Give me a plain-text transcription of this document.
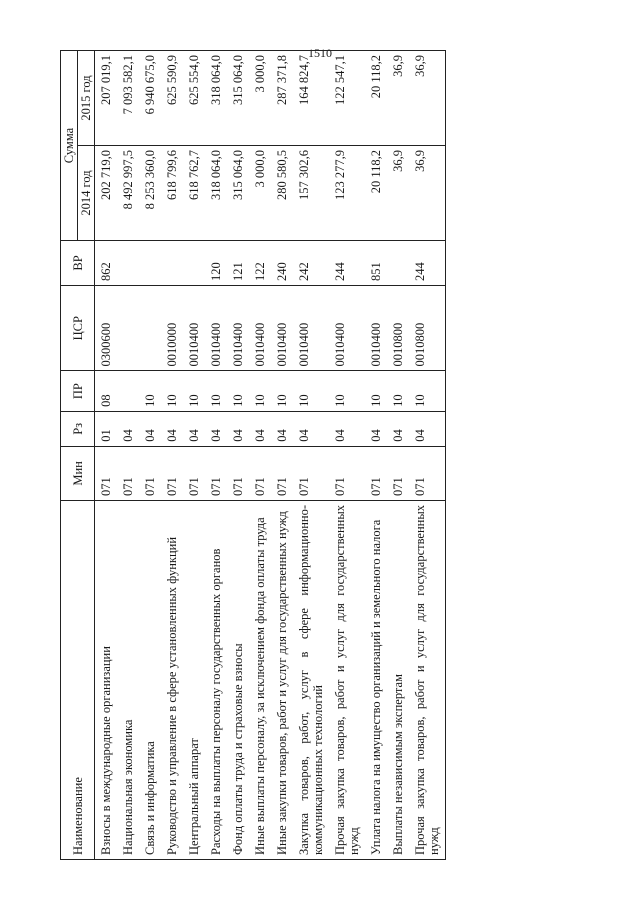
1510
Наименование	Мин	Рз	ПР	ЦСР	ВР	Сумма	
						2014 год	2015 год
Взносы в международные организации	071	01	08	0300600	862	202 719,0	207 019,1
Национальная экономика	071	04				8 492 997,5	7 093 582,1
Связь и информатика	071	04	10			8 253 360,0	6 940 675,0
Руководство и управление в сфере установленных функций	071	04	10	0010000		618 799,6	625 590,9
Центральный аппарат	071	04	10	0010400		618 762,7	625 554,0
Расходы на выплаты персоналу государственных органов	071	04	10	0010400	120	318 064,0	318 064,0
Фонд оплаты труда и страховые взносы	071	04	10	0010400	121	315 064,0	315 064,0
Иные выплаты персоналу, за исключением фонда оплаты труда	071	04	10	0010400	122	3 000,0	3 000,0
Иные закупки товаров, работ и услуг для государственных нужд	071	04	10	0010400	240	280 580,5	287 371,8
Закупка товаров, работ, услуг в сфере информационно-коммуникационных технологий	071	04	10	0010400	242	157 302,6	164 824,7
Прочая закупка товаров, работ и услуг для государственных нужд	071	04	10	0010400	244	123 277,9	122 547,1
Уплата налога на имущество организаций и земельного налога	071	04	10	0010400	851	20 118,2	20 118,2
Выплаты независимым экспертам	071	04	10	0010800		36,9	36,9
Прочая закупка товаров, работ и услуг для государственных нужд	071	04	10	0010800	244	36,9	36,9
